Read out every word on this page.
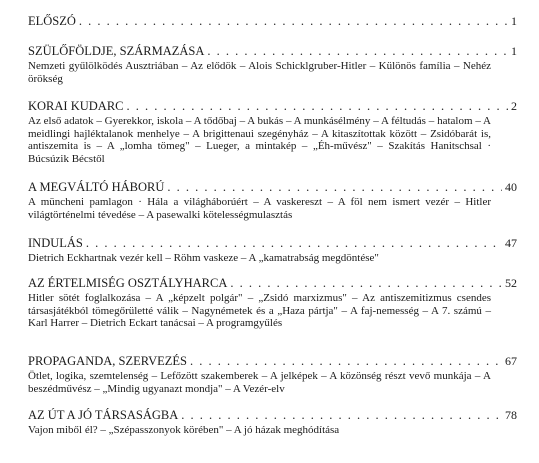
ELŐSZÓ . . .	1
SZÜLŐFÖLDJE, SZÁRMAZÁSA . . .	1
Nemzeti gyűlölködés Ausztriában – Az elődök – Alois Schicklgruber-Hitler – Különös família – Nehéz örökség
KORAI KUDARC . . .	2
Az első adatok – Gyerekkor, iskola – A tődőbaj – A bukás – A munkásélmény – A féltudás – hatalom – A meidlingi hajléktalanok menhelye – A brigittenaui szegényház – A kitaszítottak között – Zsidóbarát is, antiszemita is – A „lomha tömeg" – Lueger, a mintakép – „Éh-művész" – Szakítás Hanitschsal · Búcsúzik Bécstől
A MEGVÁLTÓ HÁBORÚ . . .	40
A müncheni pamlagon · Hála a világháborúért – A vaskereszt – A föl nem ismert vezér – Hitler világtörténelmi tévedése – A pasewalki kötelességmulasztás
INDULÁS . . .	47
Dietrich Eckhartnak vezér kell – Röhm vaskeze – A „kamatrabság megdöntése"
AZ ÉRTELMISÉG OSZTÁLYHARCA . . .	52
Hitler sötét foglalkozása – A „képzelt polgár" – „Zsidó marxizmus" – Az antiszemitizmus csendes társasjátékból tömegőrületté válik – Nagynémetek és a „Haza pártja" – A faj-nemesség – A 7. számú – Karl Harrer – Dietrich Eckart tanácsai – A programgyűlés
PROPAGANDA, SZERVEZÉS . . .	67
Ötlet, logika, szemtelenség – Lefőzött szakemberek – A jelképek – A közönség részt vevő munkája – A beszédművész – „Mindig ugyanazt mondja" – A Vezér-elv
AZ ÚT A JÓ TÁRSASÁGBA . . .	78
Vajon miből él? – „Szépasszonyok körében" – A jó házak meghódítása
